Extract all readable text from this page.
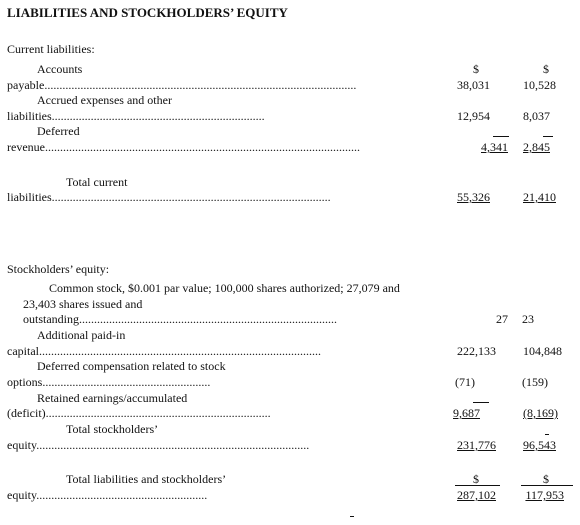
LIABILITIES AND STOCKHOLDERS’ EQUITY
Current liabilities:
Accounts
payable........................................................................................................
$	$
38,031	10,528
Accrued expenses and other
liabilities.......................................................................	12,954	8,037
Deferred
revenue.........................................................................................................	4,341	2,845
Total current
liabilities.............................................................................................	55,326	21,410
Stockholders’ equity:
Common stock, $0.001 par value; 100,000 shares authorized; 27,079 and
23,403 shares issued and
outstanding......................................................................................	27	23
Additional paid-in
capital..............................................................................................	222,133	104,848
Deferred compensation related to stock
options........................................................	(71)	(159)
Retained earnings/accumulated
(deficit)...........................................................................	9,687	(8,169)
Total stockholders’
equity...........................................................................................	231,776	96,543
Total liabilities and stockholders’
equity.........................................................
$	$
287,102	117,953
